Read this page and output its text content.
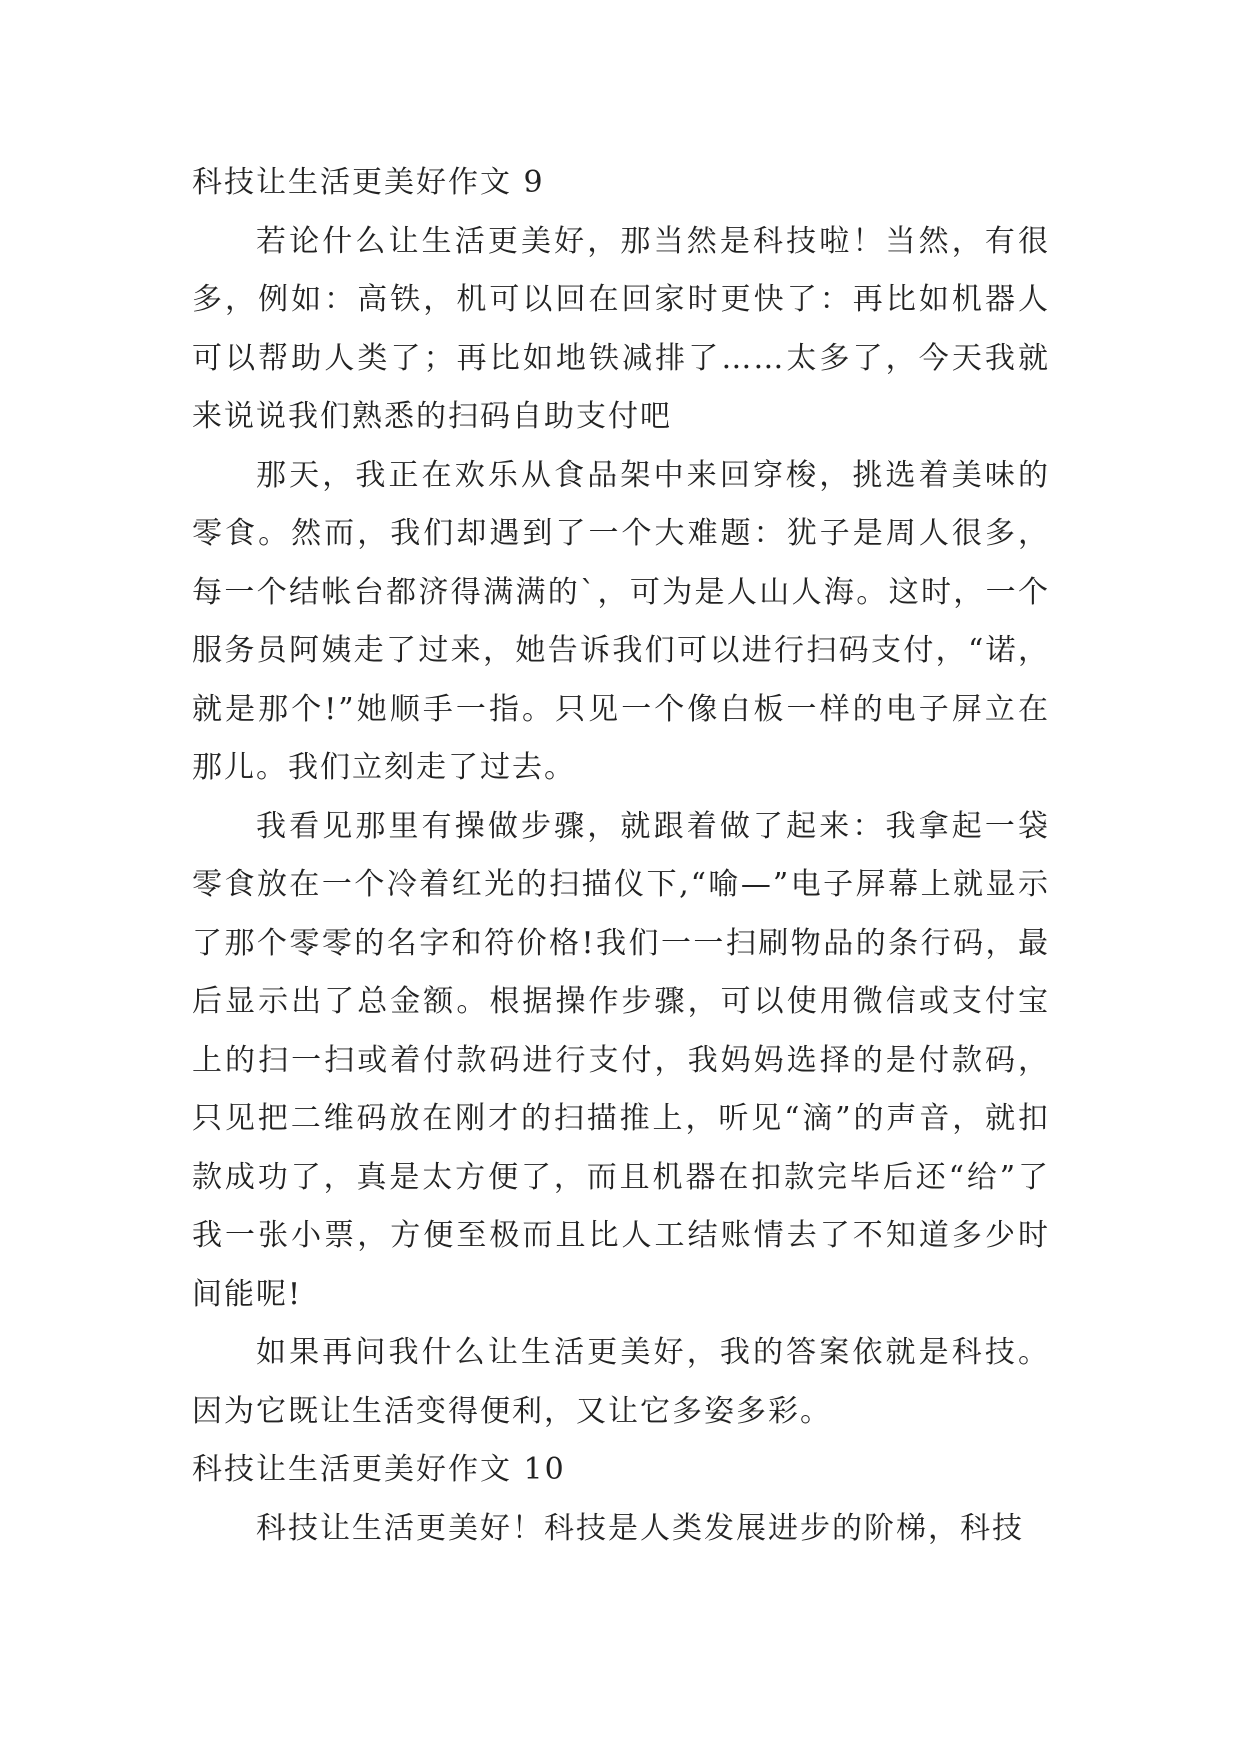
科技让生活更美好作文 9

若论什么让生活更美好，那当然是科技啦！当然，有很多，例如：高铁，机可以回在回家时更快了：再比如机器人可以帮助人类了；再比如地铁减排了……太多了，今天我就来说说我们熟悉的扫码自助支付吧

那天，我正在欢乐从食品架中来回穿梭，挑选着美味的零食。然而，我们却遇到了一个大难题：犹子是周人很多，每一个结帐台都济得满满的`，可为是人山人海。这时，一个服务员阿姨走了过来，她告诉我们可以进行扫码支付，“诺，就是那个!”她顺手一指。只见一个像白板一样的电子屏立在那儿。我们立刻走了过去。

我看见那里有操做步骤，就跟着做了起来：我拿起一袋零食放在一个冷着红光的扫描仪下,“喻—”电子屏幕上就显示了那个零零的名字和符价格!我们一一扫刷物品的条行码，最后显示出了总金额。根据操作步骤，可以使用微信或支付宝上的扫一扫或着付款码进行支付，我妈妈选择的是付款码，只见把二维码放在刚才的扫描推上，听见“滴”的声音，就扣款成功了，真是太方便了，而且机器在扣款完毕后还“给”了我一张小票，方便至极而且比人工结账情去了不知道多少时间能呢!

如果再问我什么让生活更美好，我的答案依就是科技。因为它既让生活变得便利，又让它多姿多彩。

科技让生活更美好作文 10

科技让生活更美好！科技是人类发展进步的阶梯，科技
